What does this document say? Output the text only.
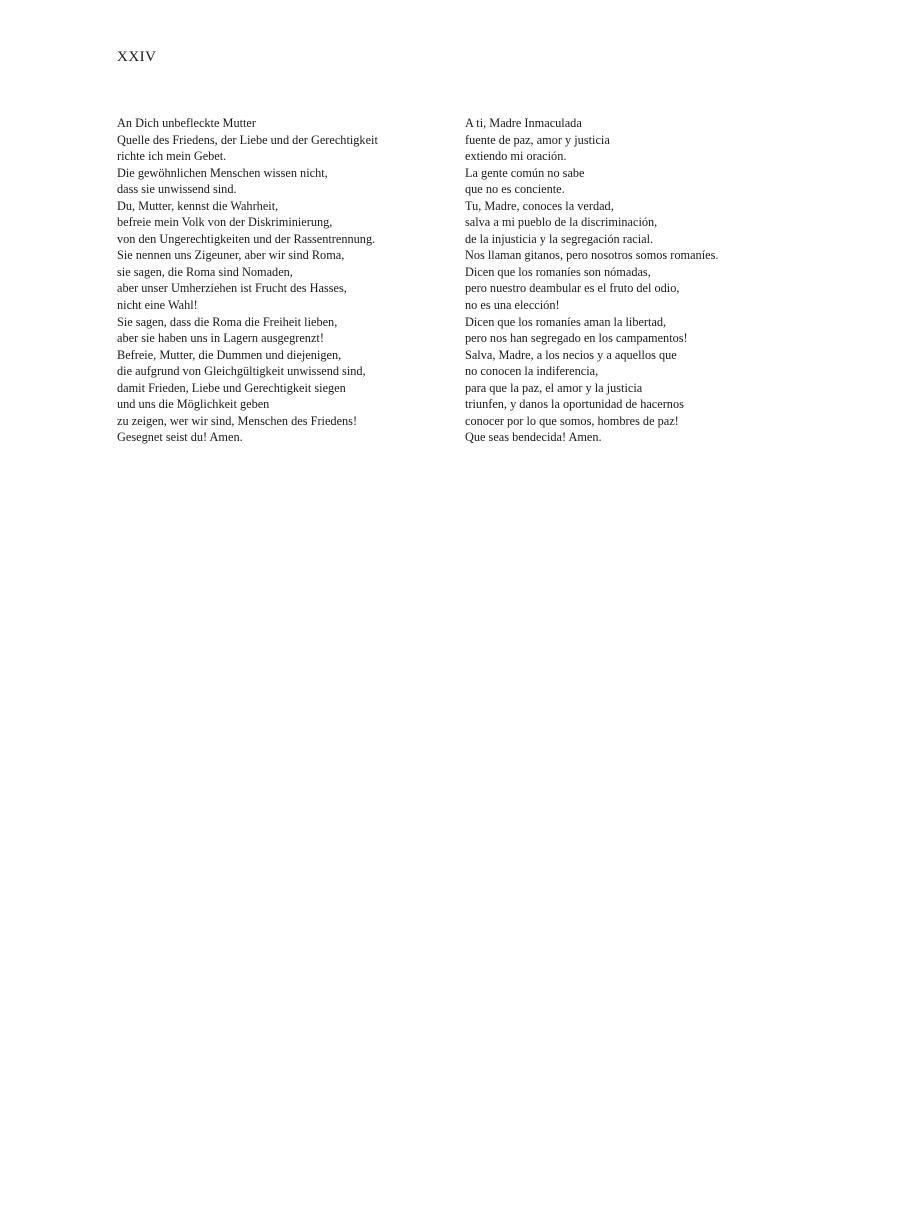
XXIV
An Dich unbefleckte Mutter
Quelle des Friedens, der Liebe und der Gerechtigkeit
richte ich mein Gebet.
Die gewöhnlichen Menschen wissen nicht,
dass sie unwissend sind.
Du, Mutter, kennst die Wahrheit,
befreie mein Volk von der Diskriminierung,
von den Ungerechtigkeiten und der Rassentrennung.
Sie nennen uns Zigeuner, aber wir sind Roma,
sie sagen, die Roma sind Nomaden,
aber unser Umherziehen ist Frucht des Hasses,
nicht eine Wahl!
Sie sagen, dass die Roma die Freiheit lieben,
aber sie haben uns in Lagern ausgegrenzt!
Befreie, Mutter, die Dummen und diejenigen,
die aufgrund von Gleichgültigkeit unwissend sind,
damit Frieden, Liebe und Gerechtigkeit siegen
und uns die Möglichkeit geben
zu zeigen, wer wir sind, Menschen des Friedens!
Gesegnet seist du! Amen.
A ti, Madre Inmaculada
fuente de paz, amor y justicia
extiendo mi oración.
La gente común no sabe
que no es conciente.
Tu, Madre, conoces la verdad,
salva a mi pueblo de la discriminación,
de la injusticia y la segregación racial.
Nos llaman gitanos, pero nosotros somos romaníes.
Dicen que los romaníes son nómadas,
pero nuestro deambular es el fruto del odio,
no es una elección!
Dicen que los romaníes aman la libertad,
pero nos han segregado en los campamentos!
Salva, Madre, a los necios y a aquellos que
no conocen la indiferencia,
para que la paz, el amor y la justicia
triunfen, y danos la oportunidad de hacernos
conocer por lo que somos, hombres de paz!
Que seas bendecida! Amen.
